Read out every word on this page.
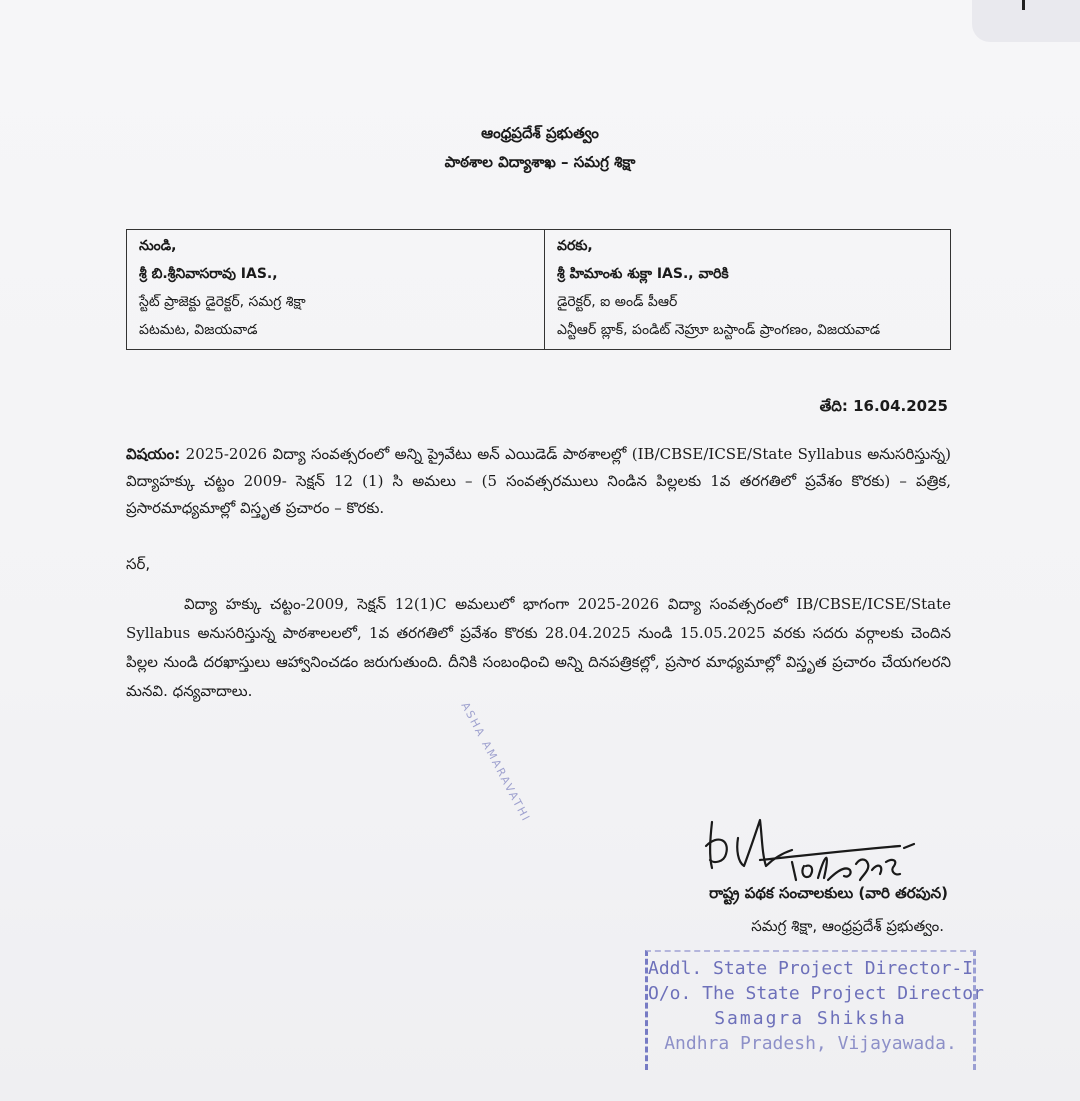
ఆంధ్రప్రదేశ్ ప్రభుత్వం
పాఠశాల విద్యాశాఖ – సమగ్ర శిక్షా
నుండి,
శ్రీ బి.శ్రీనివాసరావు IAS.,
స్టేట్ ప్రాజెక్టు డైరెక్టర్, సమగ్ర శిక్షా
పటమట, విజయవాడ

వరకు,
శ్రీ హిమాంశు శుక్లా IAS., వారికి
డైరెక్టర్, ఐ అండ్ పీఆర్
ఎన్టీఆర్ బ్లాక్, పండిట్ నెహ్రూ బస్టాండ్ ప్రాంగణం, విజయవాడ
తేది: 16.04.2025
విషయం: 2025-2026 విద్యా సంవత్సరంలో అన్ని ప్రైవేటు అన్ ఎయిడెడ్ పాఠశాలల్లో (IB/CBSE/ICSE/State Syllabus అనుసరిస్తున్న) విద్యాహక్కు చట్టం 2009- సెక్షన్ 12 (1) సి అమలు – (5 సంవత్సరములు నిండిన పిల్లలకు 1వ తరగతిలో ప్రవేశం కొరకు) – పత్రిక, ప్రసారమాధ్యమాల్లో విస్తృత ప్రచారం – కొరకు.
సర్,
విద్యా హక్కు చట్టం-2009, సెక్షన్ 12(1)C అమలులో భాగంగా 2025-2026 విద్యా సంవత్సరంలో IB/CBSE/ICSE/State Syllabus అనుసరిస్తున్న పాఠశాలలలో, 1వ తరగతిలో ప్రవేశం కొరకు 28.04.2025 నుండి 15.05.2025 వరకు సదరు వర్గాలకు చెందిన పిల్లల నుండి దరఖాస్తులు ఆహ్వానించడం జరుగుతుంది. దీనికి సంబంధించి అన్ని దినపత్రికల్లో, ప్రసార మాధ్యమాల్లో విస్తృత ప్రచారం చేయగలరని మనవి. ధన్యవాదాలు.
ASHA AMARAVATHI
రాష్ట్ర పథక సంచాలకులు (వారి తరపున)
సమగ్ర శిక్షా, ఆంధ్రప్రదేశ్ ప్రభుత్వం.
Addl. State Project Director-I
O/o. The State Project Director
Samagra Shiksha
Andhra Pradesh, Vijayawada.
